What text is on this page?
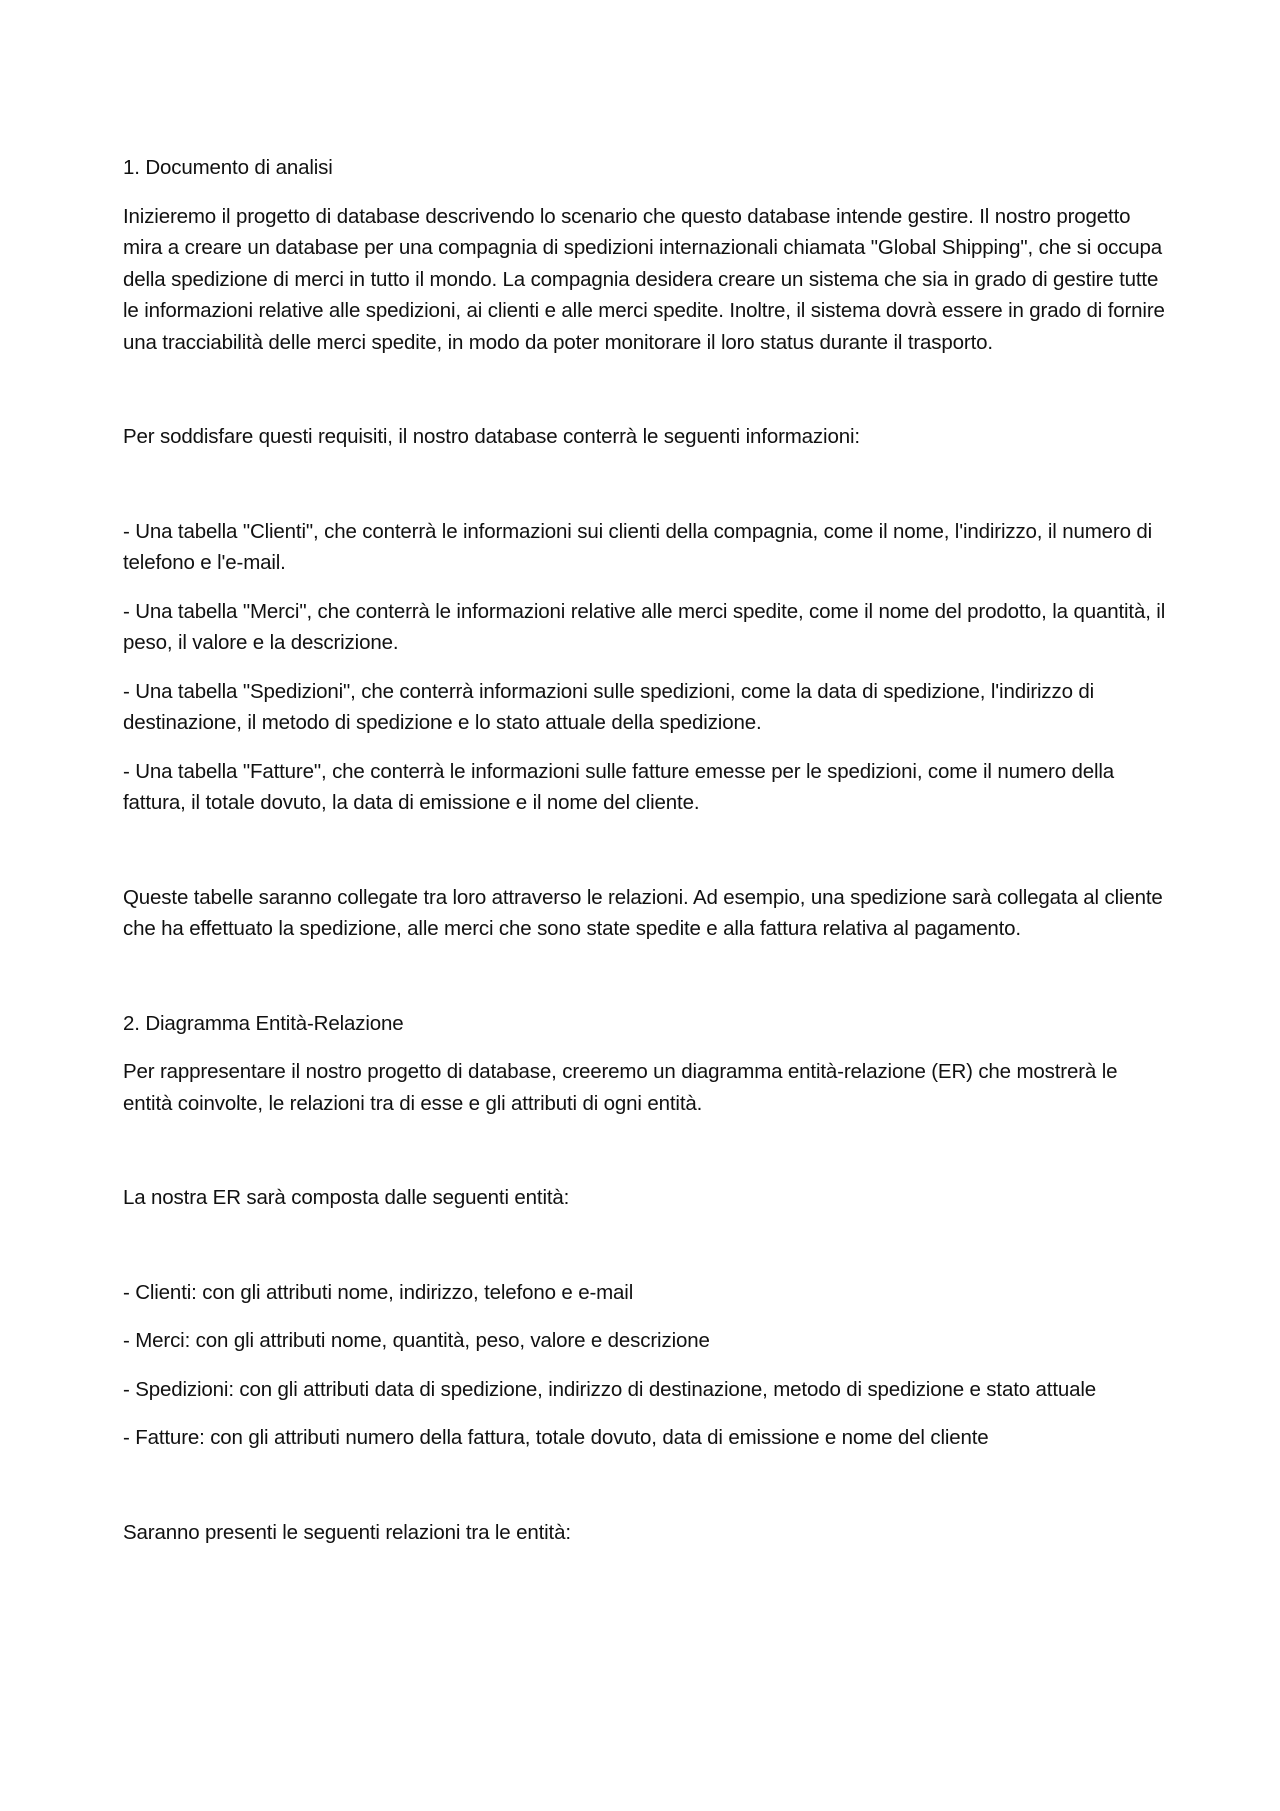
1. Documento di analisi

Inizieremo il progetto di database descrivendo lo scenario che questo database intende gestire. Il nostro progetto mira a creare un database per una compagnia di spedizioni internazionali chiamata "Global Shipping", che si occupa della spedizione di merci in tutto il mondo. La compagnia desidera creare un sistema che sia in grado di gestire tutte le informazioni relative alle spedizioni, ai clienti e alle merci spedite. Inoltre, il sistema dovrà essere in grado di fornire una tracciabilità delle merci spedite, in modo da poter monitorare il loro status durante il trasporto.

Per soddisfare questi requisiti, il nostro database conterrà le seguenti informazioni:

- Una tabella "Clienti", che conterrà le informazioni sui clienti della compagnia, come il nome, l'indirizzo, il numero di telefono e l'e-mail.

- Una tabella "Merci", che conterrà le informazioni relative alle merci spedite, come il nome del prodotto, la quantità, il peso, il valore e la descrizione.

- Una tabella "Spedizioni", che conterrà informazioni sulle spedizioni, come la data di spedizione, l'indirizzo di destinazione, il metodo di spedizione e lo stato attuale della spedizione.

- Una tabella "Fatture", che conterrà le informazioni sulle fatture emesse per le spedizioni, come il numero della fattura, il totale dovuto, la data di emissione e il nome del cliente.

Queste tabelle saranno collegate tra loro attraverso le relazioni. Ad esempio, una spedizione sarà collegata al cliente che ha effettuato la spedizione, alle merci che sono state spedite e alla fattura relativa al pagamento.

2. Diagramma Entità-Relazione

Per rappresentare il nostro progetto di database, creeremo un diagramma entità-relazione (ER) che mostrerà le entità coinvolte, le relazioni tra di esse e gli attributi di ogni entità.

La nostra ER sarà composta dalle seguenti entità:

- Clienti: con gli attributi nome, indirizzo, telefono e e-mail

- Merci: con gli attributi nome, quantità, peso, valore e descrizione

- Spedizioni: con gli attributi data di spedizione, indirizzo di destinazione, metodo di spedizione e stato attuale

- Fatture: con gli attributi numero della fattura, totale dovuto, data di emissione e nome del cliente

Saranno presenti le seguenti relazioni tra le entità:
